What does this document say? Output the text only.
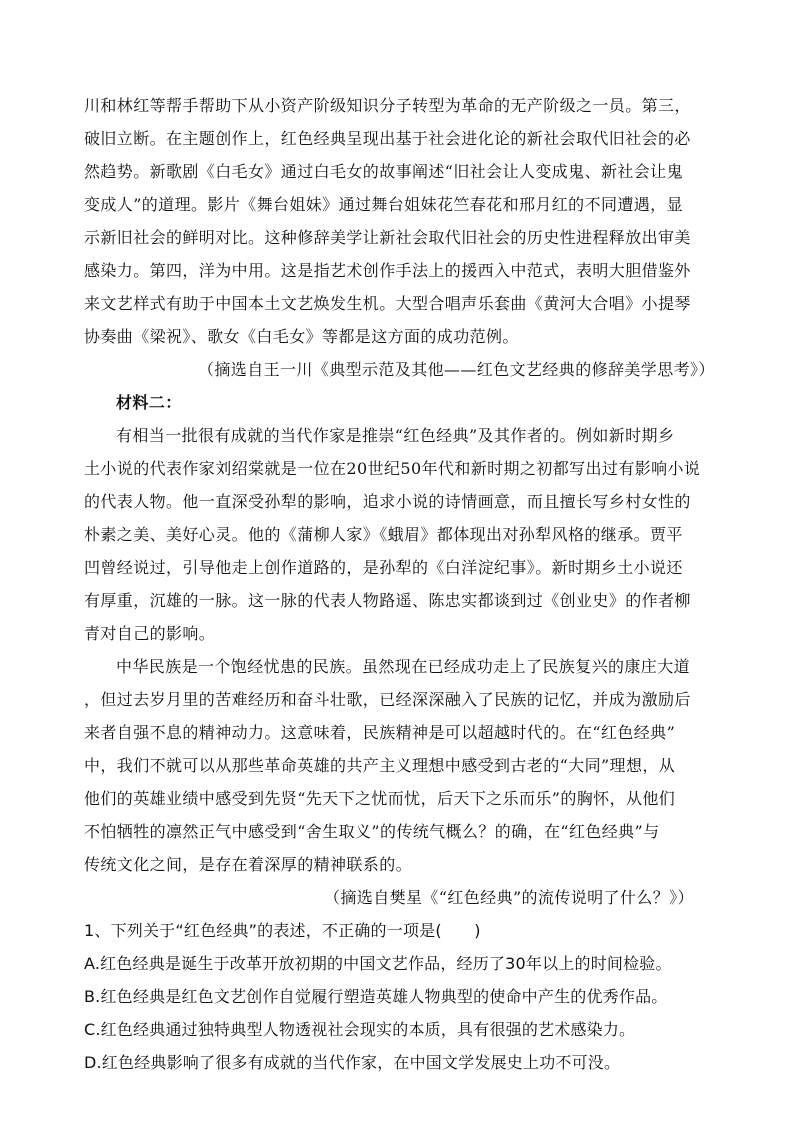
川和林红等帮手帮助下从小资产阶级知识分子转型为革命的无产阶级之一员。第三，
破旧立断。在主题创作上，红色经典呈现出基于社会进化论的新社会取代旧社会的必
然趋势。新歌剧《白毛女》通过白毛女的故事阐述“旧社会让人变成鬼、新社会让鬼
变成人”的道理。影片《舞台姐妹》通过舞台姐妹花竺春花和邢月红的不同遭遇，显
示新旧社会的鲜明对比。这种修辞美学让新社会取代旧社会的历史性进程释放出审美
感染力。第四，洋为中用。这是指艺术创作手法上的援西入中范式，表明大胆借鉴外
来文艺样式有助于中国本土文艺焕发生机。大型合唱声乐套曲《黄河大合唱》小提琴
协奏曲《梁祝》、歌女《白毛女》等都是这方面的成功范例。
（摘选自王一川《典型示范及其他——红色文艺经典的修辞美学思考》）
材料二：
有相当一批很有成就的当代作家是推崇“红色经典”及其作者的。例如新时期乡
土小说的代表作家刘绍棠就是一位在20世纪50年代和新时期之初都写出过有影响小说
的代表人物。他一直深受孙犁的影响，追求小说的诗情画意，而且擅长写乡村女性的
朴素之美、美好心灵。他的《蒲柳人家》《蛾眉》都体现出对孙犁风格的继承。贾平
凹曾经说过，引导他走上创作道路的，是孙犁的《白洋淀纪事》。新时期乡土小说还
有厚重，沉雄的一脉。这一脉的代表人物路遥、陈忠实都谈到过《创业史》的作者柳
青对自己的影响。
中华民族是一个饱经忧患的民族。虽然现在已经成功走上了民族复兴的康庄大道
，但过去岁月里的苦难经历和奋斗壮歌，已经深深融入了民族的记忆，并成为激励后
来者自强不息的精神动力。这意味着，民族精神是可以超越时代的。在“红色经典”
中，我们不就可以从那些革命英雄的共产主义理想中感受到古老的“大同”理想，从
他们的英雄业绩中感受到先贤“先天下之忧而忧，后天下之乐而乐”的胸怀，从他们
不怕牺牲的凛然正气中感受到“舍生取义”的传统气概么？的确，在“红色经典”与
传统文化之间，是存在着深厚的精神联系的。
（摘选自樊星《“红色经典”的流传说明了什么？》）
1、下列关于“红色经典”的表述，不正确的一项是(　　)
A.红色经典是诞生于改革开放初期的中国文艺作品，经历了30年以上的时间检验。
B.红色经典是红色文艺创作自觉履行塑造英雄人物典型的使命中产生的优秀作品。
C.红色经典通过独特典型人物透视社会现实的本质，具有很强的艺术感染力。
D.红色经典影响了很多有成就的当代作家，在中国文学发展史上功不可没。
